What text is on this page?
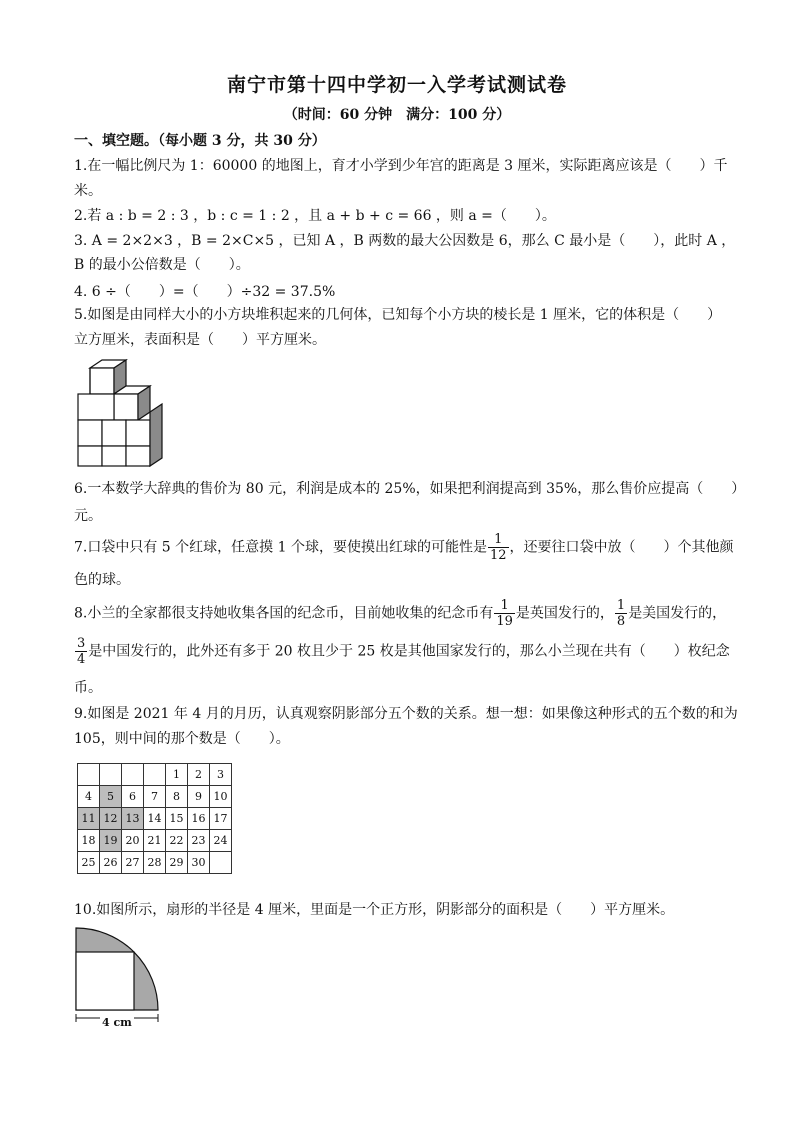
南宁市第十四中学初一入学考试测试卷
（时间：60 分钟　满分：100 分）
一、填空题。（每小题 3 分，共 30 分）
1.在一幅比例尺为 1：60000 的地图上，育才小学到少年宫的距离是 3 厘米，实际距离应该是（　　）千
米。
2.若 a : b = 2 : 3 ，b : c = 1 : 2 ，且 a + b + c = 66 ，则 a =（　　）。
3. A = 2×2×3 ，B = 2×C×5 ，已知 A ，B 两数的最大公因数是 6，那么 C 最小是（　　），此时 A ，
B 的最小公倍数是（　　）。
4. 6 ÷（　　）=（　　）÷32 = 37.5%
5.如图是由同样大小的小方块堆积起来的几何体，已知每个小方块的棱长是 1 厘米，它的体积是（　　）
立方厘米，表面积是（　　）平方厘米。
6.一本数学大辞典的售价为 80 元，利润是成本的 25%，如果把利润提高到 35%，那么售价应提高（　　）
元。
7.口袋中只有 5 个红球，任意摸 1 个球，要使摸出红球的可能性是 $\frac{1}{12}$ ，还要往口袋中放（　　）个其他颜
色的球。
8.小兰的全家都很支持她收集各国的纪念币，目前她收集的纪念币有 $\frac{1}{19}$ 是英国发行的， $\frac{1}{8}$ 是美国发行的，
$\frac{3}{4}$ 是中国发行的，此外还有多于 20 枚且少于 25 枚是其他国家发行的，那么小兰现在共有（　　）枚纪念
币。
9.如图是 2021 年 4 月的月历，认真观察阴影部分五个数的关系。想一想：如果像这种形式的五个数的和为
105，则中间的那个数是（　　）。
				1	2	3
4	5	6	7	8	9	10
11	12	13	14	15	16	17
18	19	20	21	22	23	24
25	26	27	28	29	30	
10.如图所示，扇形的半径是 4 厘米，里面是一个正方形，阴影部分的面积是（　　）平方厘米。
4 cm
